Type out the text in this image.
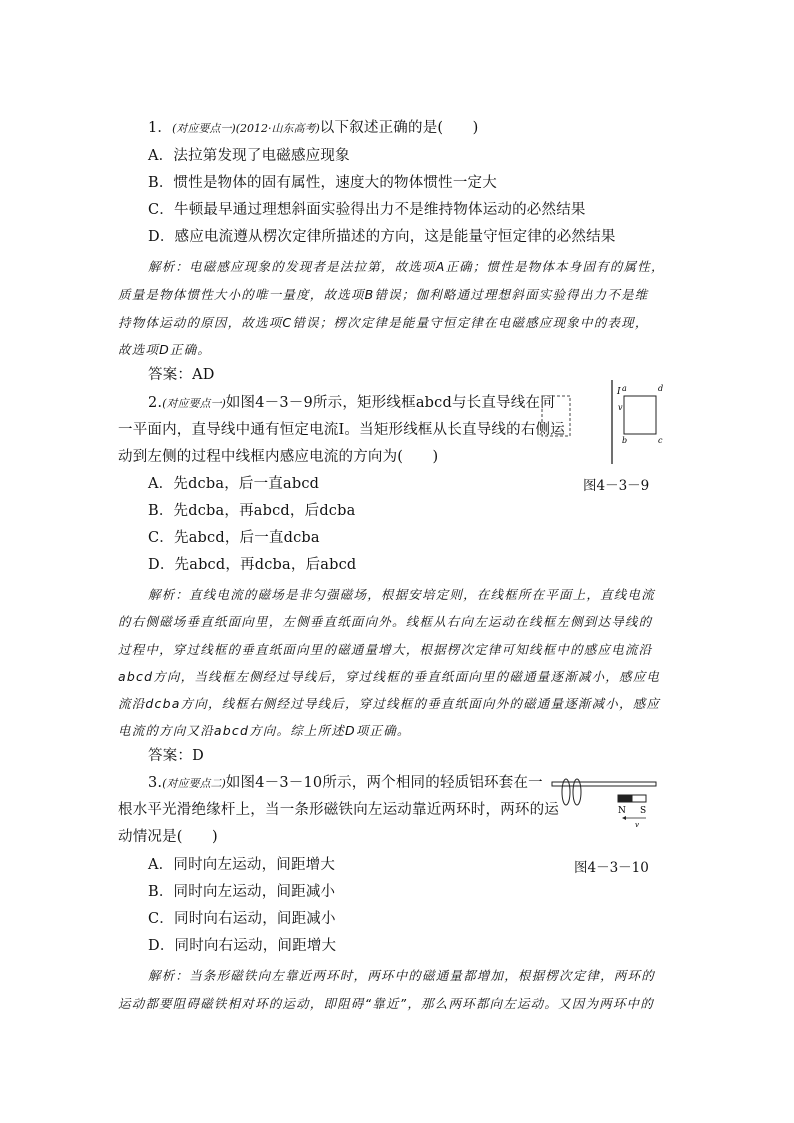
1．(对应要点一)(2012·山东高考)以下叙述正确的是(　　)
A．法拉第发现了电磁感应现象
B．惯性是物体的固有属性，速度大的物体惯性一定大
C．牛顿最早通过理想斜面实验得出力不是维持物体运动的必然结果
D．感应电流遵从楞次定律所描述的方向，这是能量守恒定律的必然结果
解析：电磁感应现象的发现者是法拉第，故选项A正确；惯性是物体本身固有的属性，
质量是物体惯性大小的唯一量度，故选项B错误；伽利略通过理想斜面实验得出力不是维
持物体运动的原因，故选项C错误；楞次定律是能量守恒定律在电磁感应现象中的表现，
故选项D正确。
答案：AD
2.(对应要点一)如图4－3－9所示，矩形线框abcd与长直导线在同
一平面内，直导线中通有恒定电流I。当矩形线框从长直导线的右侧运
动到左侧的过程中线框内感应电流的方向为(　　)
A．先dcba，后一直abcd
B．先dcba，再abcd，后dcba
C．先abcd，后一直dcba
D．先abcd，再dcba，后abcd
I
v
a	d
b	c
图4－3－9
解析：直线电流的磁场是非匀强磁场，根据安培定则，在线框所在平面上，直线电流
的右侧磁场垂直纸面向里，左侧垂直纸面向外。线框从右向左运动在线框左侧到达导线的
过程中，穿过线框的垂直纸面向里的磁通量增大，根据楞次定律可知线框中的感应电流沿
abcd方向，当线框左侧经过导线后，穿过线框的垂直纸面向里的磁通量逐渐减小，感应电
流沿dcba方向，线框右侧经过导线后，穿过线框的垂直纸面向外的磁通量逐渐减小，感应
电流的方向又沿abcd方向。综上所述D项正确。
答案：D
3.(对应要点二)如图4－3－10所示，两个相同的轻质铝环套在一
根水平光滑绝缘杆上，当一条形磁铁向左运动靠近两环时，两环的运
动情况是(　　)
A．同时向左运动，间距增大
B．同时向左运动，间距减小
C．同时向右运动，间距减小
D．同时向右运动，间距增大
N S
v
图4－3－10
解析：当条形磁铁向左靠近两环时，两环中的磁通量都增加，根据楞次定律，两环的
运动都要阻碍磁铁相对环的运动，即阻碍“靠近”，那么两环都向左运动。又因为两环中的
